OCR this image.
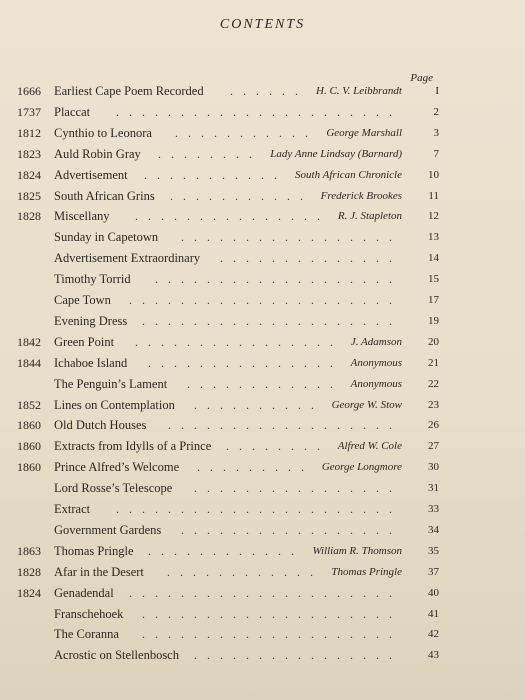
CONTENTS
Page
1666	Earliest Cape Poem Recorded	H. C. V. Leibbrandt	I
......
1737	Placcat	2
......................
1812	Cynthio to Leonora	George Marshall	3
...........
1823	Auld Robin Gray	Lady Anne Lindsay (Barnard)	7
........
1824	Advertisement	South African Chronicle	10
...........
1825	South African Grins	Frederick Brookes	11
...........
1828	Miscellany	R. J. Stapleton	12
...............
Sunday in Capetown	13
.................
Advertisement Extraordinary	14
..............
Timothy Torrid	15
...................
Cape Town	17
.....................
Evening Dress	19
....................
1842	Green Point	J. Adamson	20
................
1844	Ichaboe Island	Anonymous	21
...............
The Penguin’s Lament	Anonymous	22
............
1852	Lines on Contemplation	George W. Stow	23
..........
1860	Old Dutch Houses	26
..................
1860	Extracts from Idylls of a Prince	Alfred W. Cole	27
........
1860	Prince Alfred’s Welcome	George Longmore	30
.........
Lord Rosse’s Telescope	31
................
Extract	33
......................
Government Gardens	34
.................
1863	Thomas Pringle	William R. Thomson	35
............
1828	Afar in the Desert	Thomas Pringle	37
............
1824	Genadendal	40
.....................
Franschehoek	41
....................
The Coranna	42
....................
Acrostic on Stellenbosch	43
................
